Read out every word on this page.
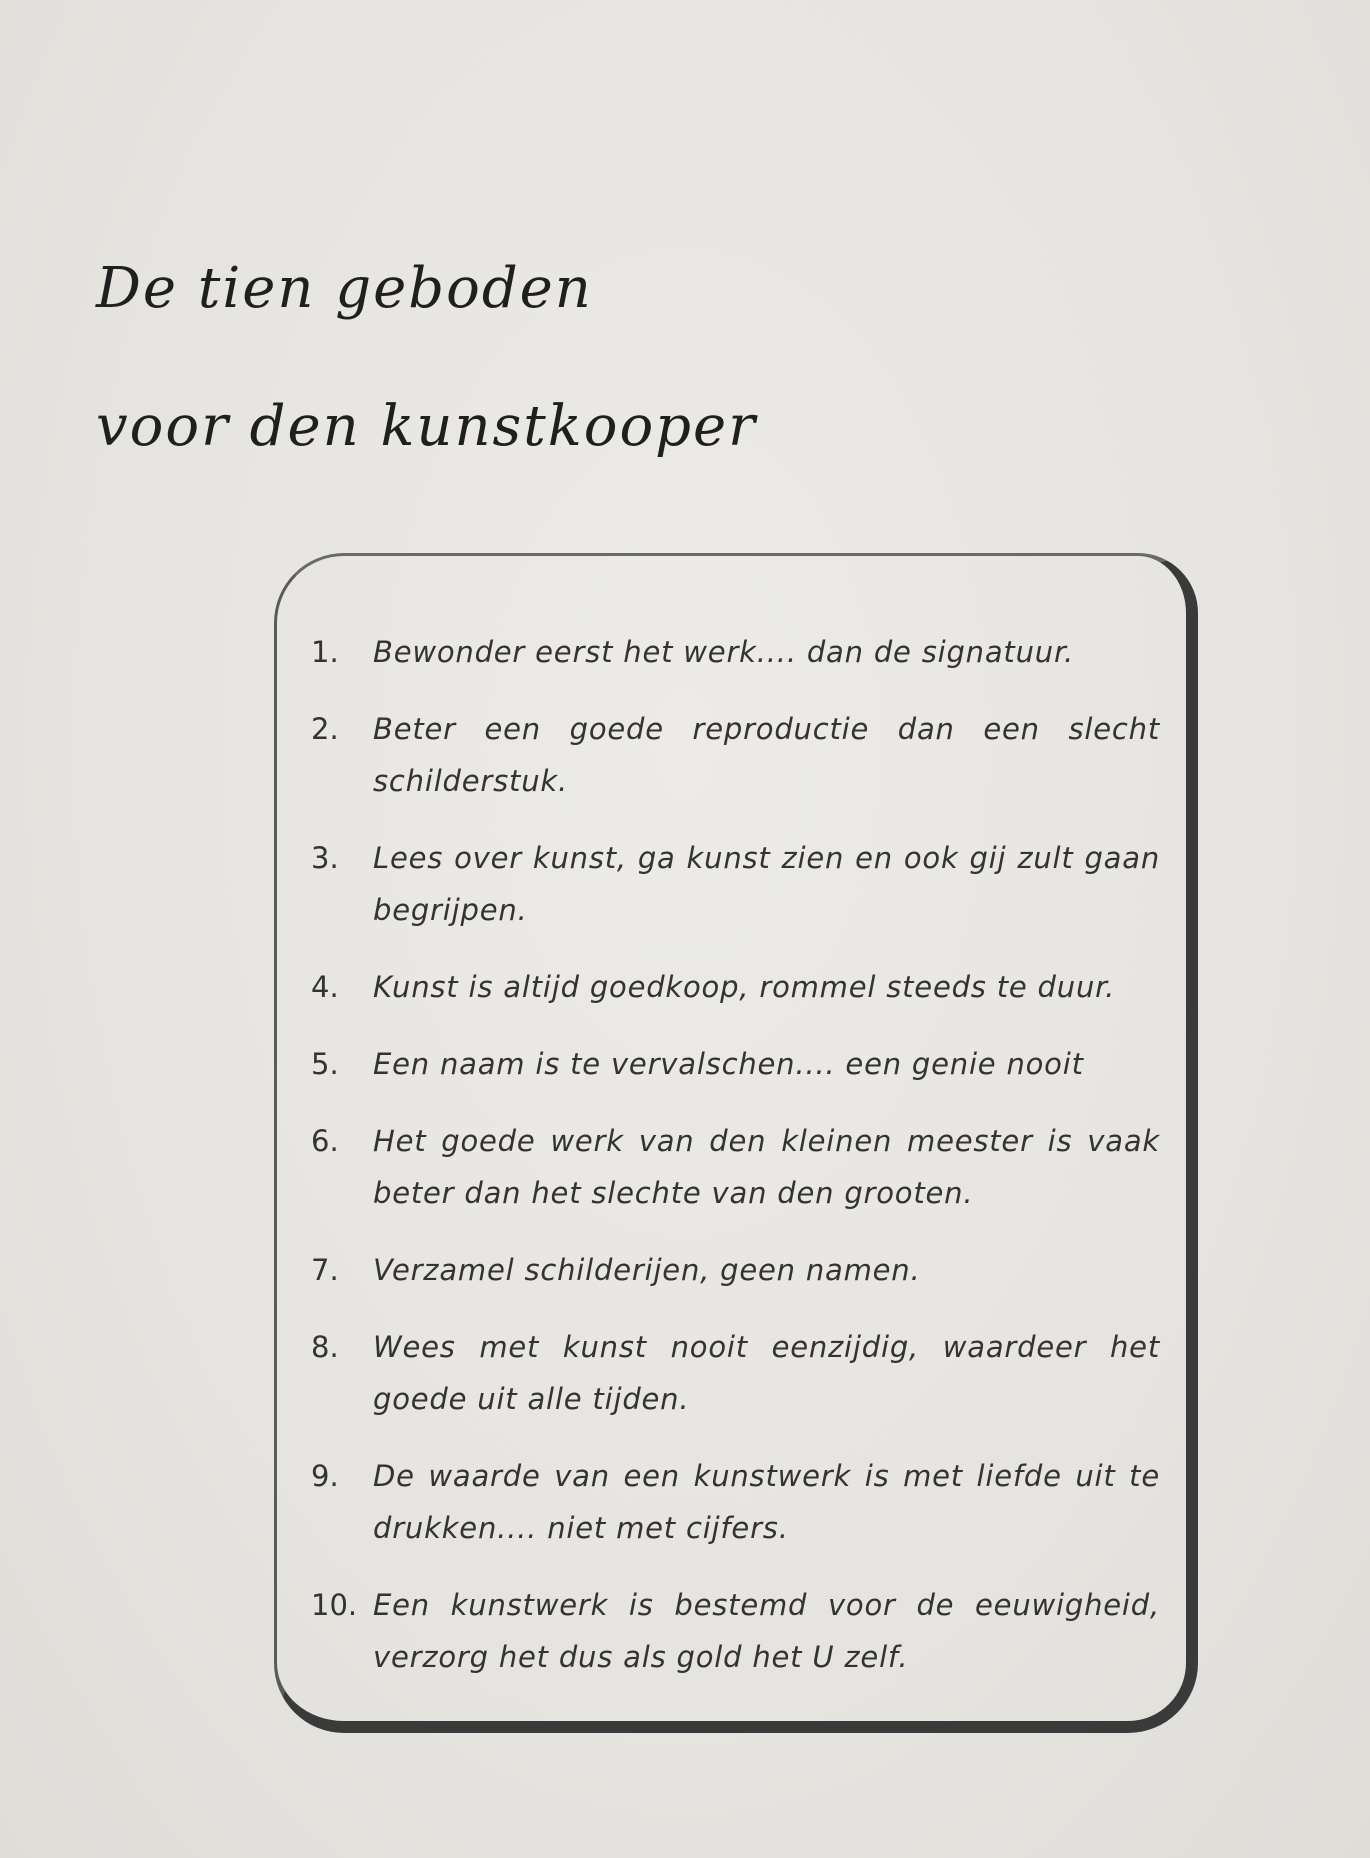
De tien geboden
voor den kunstkooper
1.	Bewonder eerst het werk.... dan de signatuur.
2.	Beter een goede reproductie dan een slecht schilderstuk.
3.	Lees over kunst, ga kunst zien en ook gij zult gaan begrijpen.
4.	Kunst is altijd goedkoop, rommel steeds te duur.
5.	Een naam is te vervalschen.... een genie nooit
6.	Het goede werk van den kleinen meester is vaak beter dan het slechte van den grooten.
7.	Verzamel schilderijen, geen namen.
8.	Wees met kunst nooit eenzijdig, waardeer het goede uit alle tijden.
9.	De waarde van een kunstwerk is met liefde uit te drukken.... niet met cijfers.
10. Een kunstwerk is bestemd voor de eeuwigheid, verzorg het dus als gold het U zelf.
